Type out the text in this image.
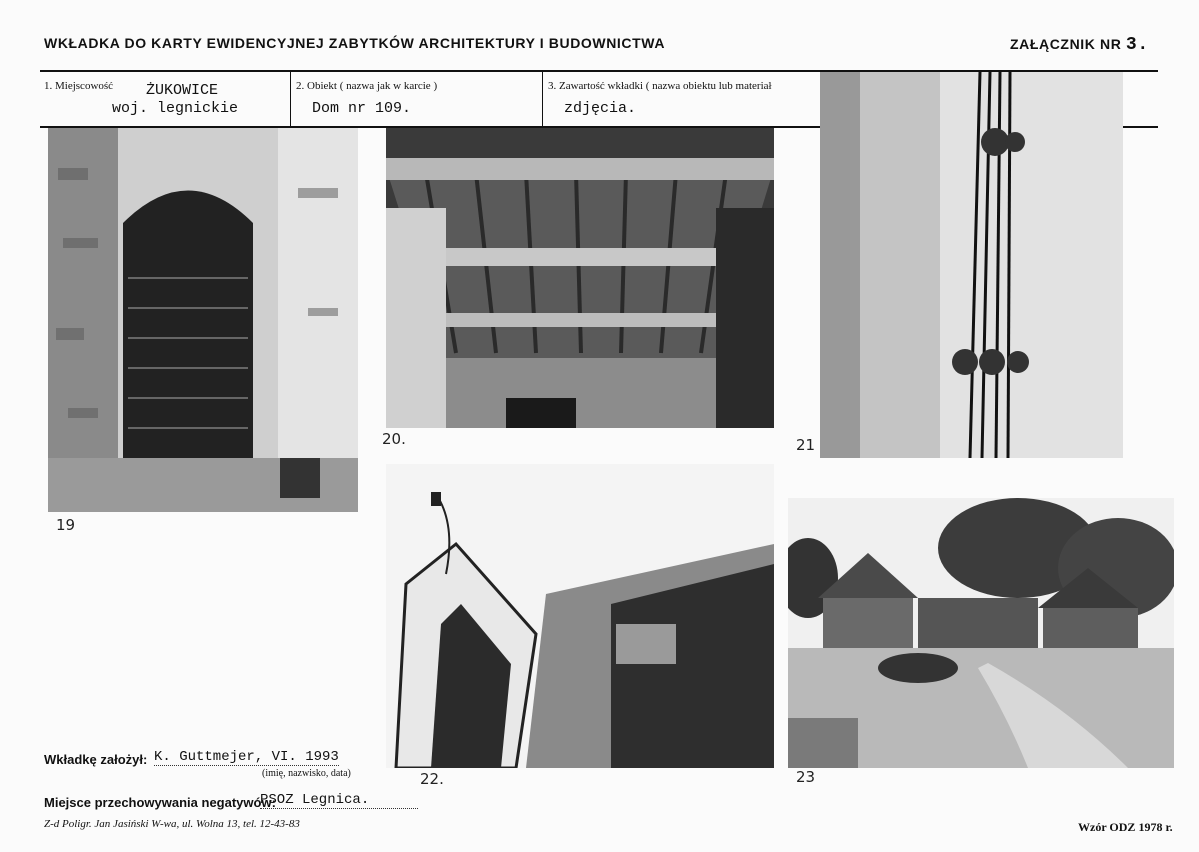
WKŁADKA DO KARTY EWIDENCYJNEJ ZABYTKÓW ARCHITEKTURY I BUDOWNICTWA	ZAŁĄCZNIK NR 3.
1. Miejscowość ŻUKOWICE
woj. legnickie
2. Obiekt ( nazwa jak w karcie )
Dom nr 109.
3. Zawartość wkładki ( nazwa obiektu lub materiał
zdjęcia.
19
20.	21
22.	23
Wkładkę założył: K. Guttmejer, VI. 1993
(imię, nazwisko, data)
Miejsce przechowywania negatywów:
PSOZ Legnica.
Z-d Poligr. Jan Jasiński W-wa, ul. Wolna 13, tel. 12-43-83	Wzór ODZ 1978 r.
